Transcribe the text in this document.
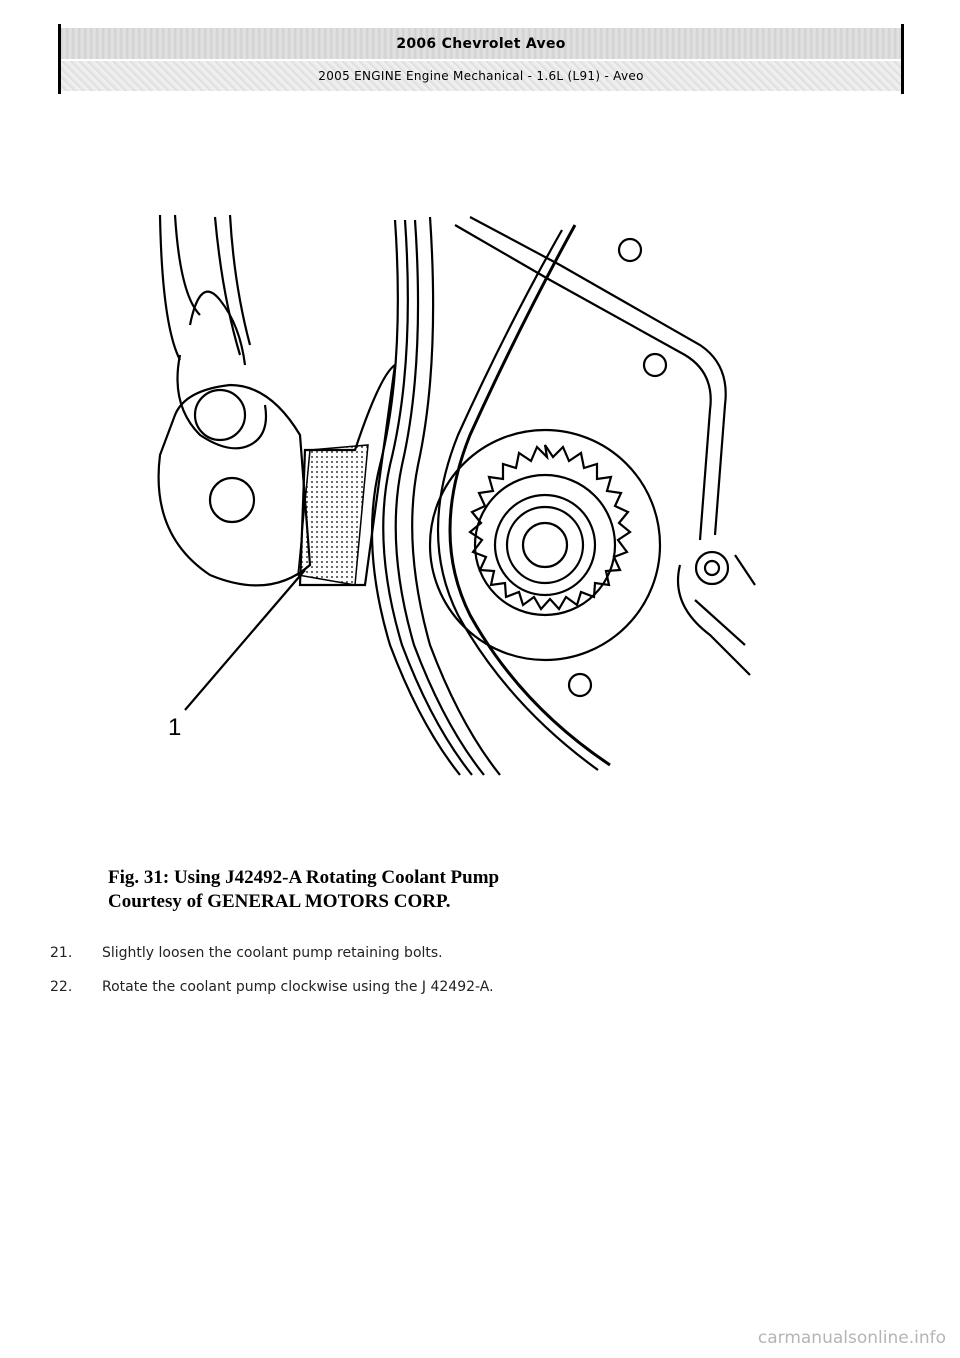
2006 Chevrolet Aveo
2005 ENGINE Engine Mechanical - 1.6L (L91) - Aveo
1
Fig. 31: Using J42492-A Rotating Coolant Pump
Courtesy of GENERAL MOTORS CORP.
21.	Slightly loosen the coolant pump retaining bolts.
22.	Rotate the coolant pump clockwise using the J 42492-A.
carmanualsonline.info
